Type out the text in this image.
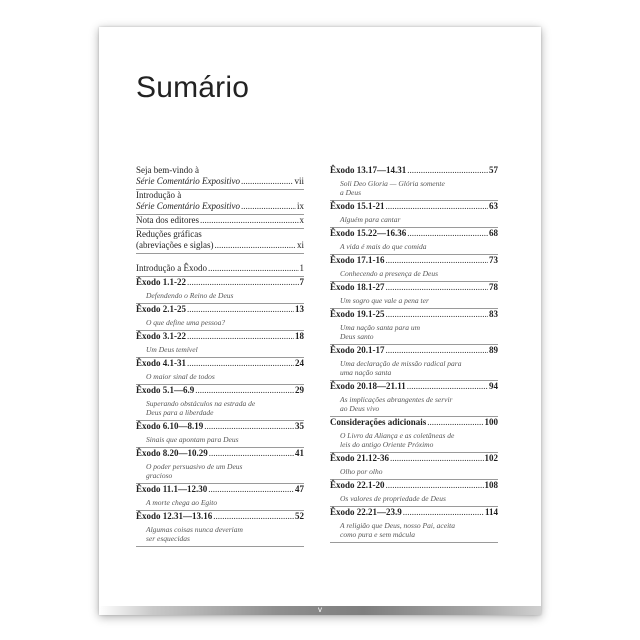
Sumário
Seja bem-vindo à
Série Comentário Expositivo .....	vii
Introdução à
Série Comentário Expositivo .....	ix
Nota dos editores .....	x
Reduções gráficas
(abreviações e siglas) .....	xi
Introdução a Êxodo .....	1
Êxodo 1.1-22 .....	7
Defendendo o Reino de Deus
Êxodo 2.1-25 .....	13
O que define uma pessoa?
Êxodo 3.1-22 .....	18
Um Deus temível
Êxodo 4.1-31 .....	24
O maior sinal de todos
Êxodo 5.1—6.9 .....	29
Superando obstáculos na estrada de
Deus para a liberdade
Êxodo 6.10—8.19 .....	35
Sinais que apontam para Deus
Êxodo 8.20—10.29 .....	41
O poder persuasivo de um Deus
gracioso
Êxodo 11.1—12.30 .....	47
A morte chega ao Egito
Êxodo 12.31—13.16 .....	52
Algumas coisas nunca deveriam
ser esquecidas
Êxodo 13.17—14.31 .....	57
Soli Deo Gloria — Glória somente
a Deus
Êxodo 15.1-21 .....	63
Alguém para cantar
Êxodo 15.22—16.36 .....	68
A vida é mais do que comida
Êxodo 17.1-16 .....	73
Conhecendo a presença de Deus
Êxodo 18.1-27 .....	78
Um sogro que vale a pena ter
Êxodo 19.1-25 .....	83
Uma nação santa para um
Deus santo
Êxodo 20.1-17 .....	89
Uma declaração de missão radical para
uma nação santa
Êxodo 20.18—21.11 .....	94
As implicações abrangentes de servir
ao Deus vivo
Considerações adicionais .....	100
O Livro da Aliança e as coletâneas de
leis do antigo Oriente Próximo
Êxodo 21.12-36 .....	102
Olho por olho
Êxodo 22.1-20 .....	108
Os valores de propriedade de Deus
Êxodo 22.21—23.9 .....	114
A religião que Deus, nosso Pai, aceita
como pura e sem mácula
v
